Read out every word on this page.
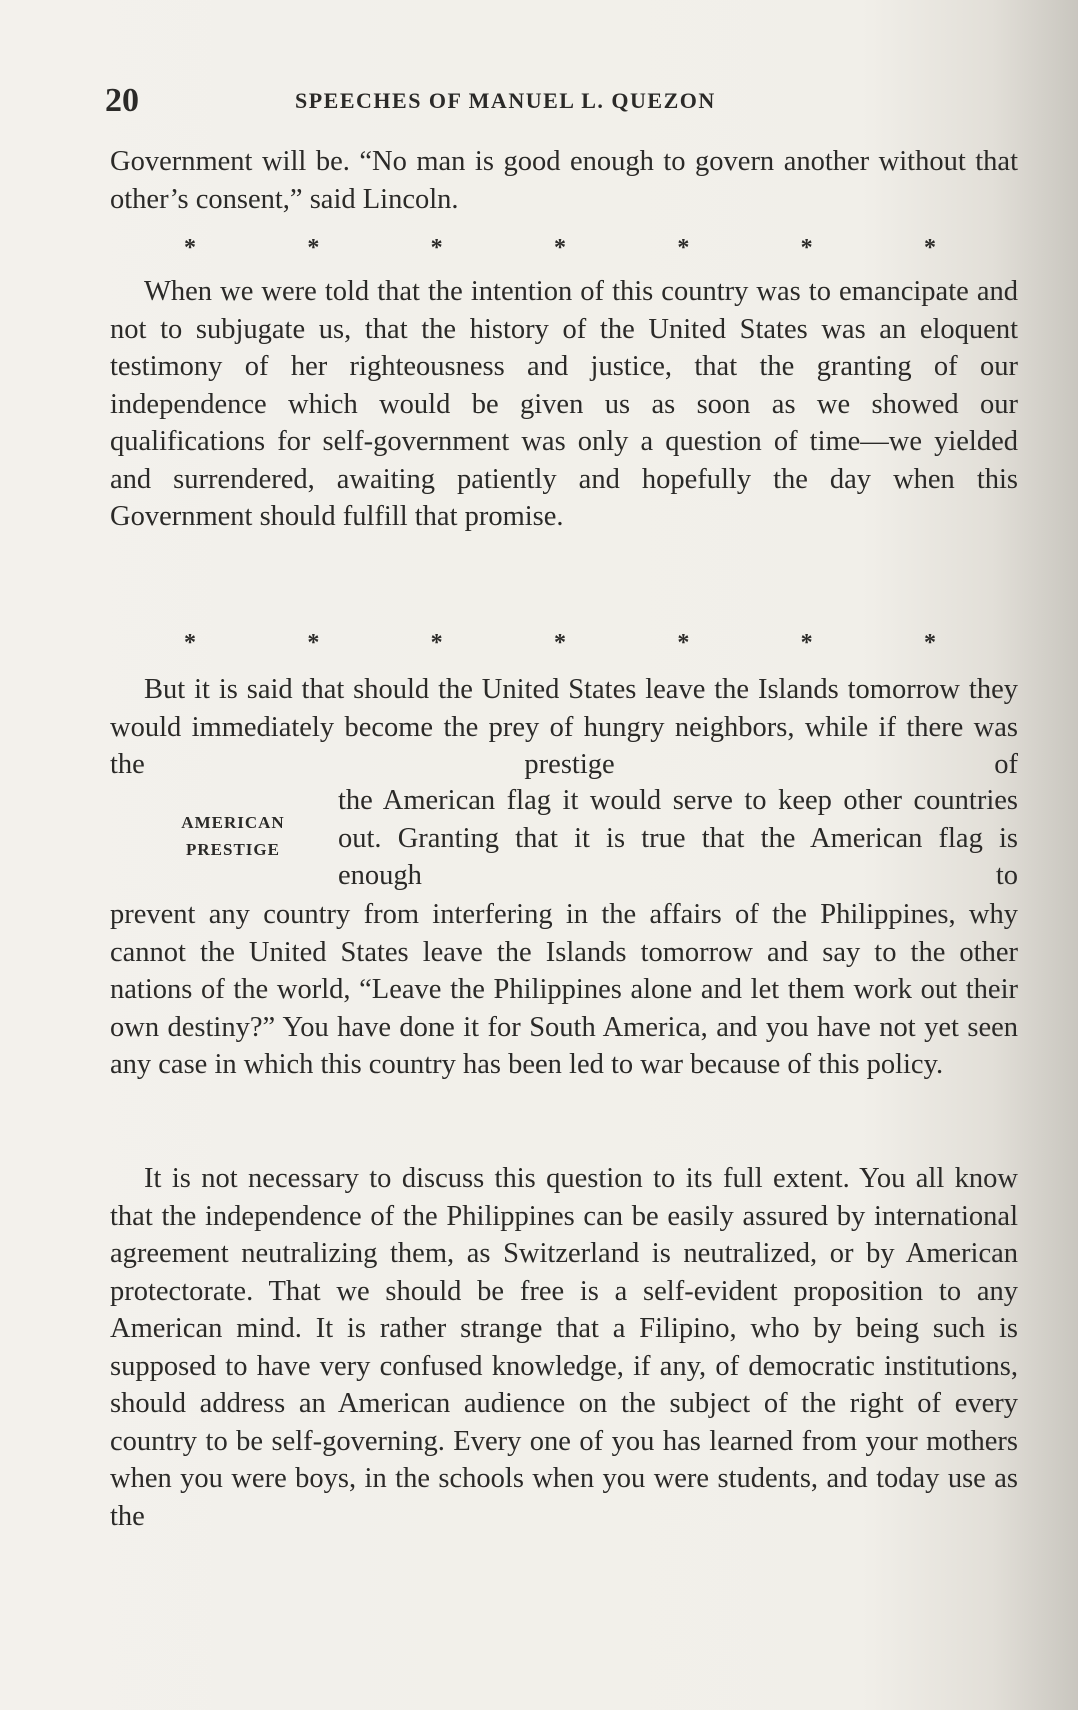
20	SPEECHES OF MANUEL L. QUEZON
Government will be. “No man is good enough to govern another without that other’s consent,” said Lincoln.
*	*	*	*	*	*	*
When we were told that the intention of this country was to emancipate and not to subjugate us, that the history of the United States was an eloquent testimony of her righteousness and justice, that the granting of our independence which would be given us as soon as we showed our qualifications for self-government was only a question of time—we yielded and surrendered, awaiting patiently and hopefully the day when this Government should fulfill that promise.
*	*	*	*	*	*	*
But it is said that should the United States leave the Islands tomorrow they would immediately become the prey of hungry neighbors, while if there was the prestige of
AMERICAN
PRESTIGE
the American flag it would serve to keep other countries out. Granting that it is true that the American flag is enough to
prevent any country from interfering in the affairs of the Philippines, why cannot the United States leave the Islands tomorrow and say to the other nations of the world, “Leave the Philippines alone and let them work out their own destiny?” You have done it for South America, and you have not yet seen any case in which this country has been led to war because of this policy.
It is not necessary to discuss this question to its full extent. You all know that the independence of the Philippines can be easily assured by international agreement neutralizing them, as Switzerland is neutralized, or by American protectorate. That we should be free is a self-evident proposition to any American mind. It is rather strange that a Filipino, who by being such is supposed to have very confused knowledge, if any, of democratic institutions, should address an American audience on the subject of the right of every country to be self-governing. Every one of you has learned from your mothers when you were boys, in the schools when you were students, and today use as the
